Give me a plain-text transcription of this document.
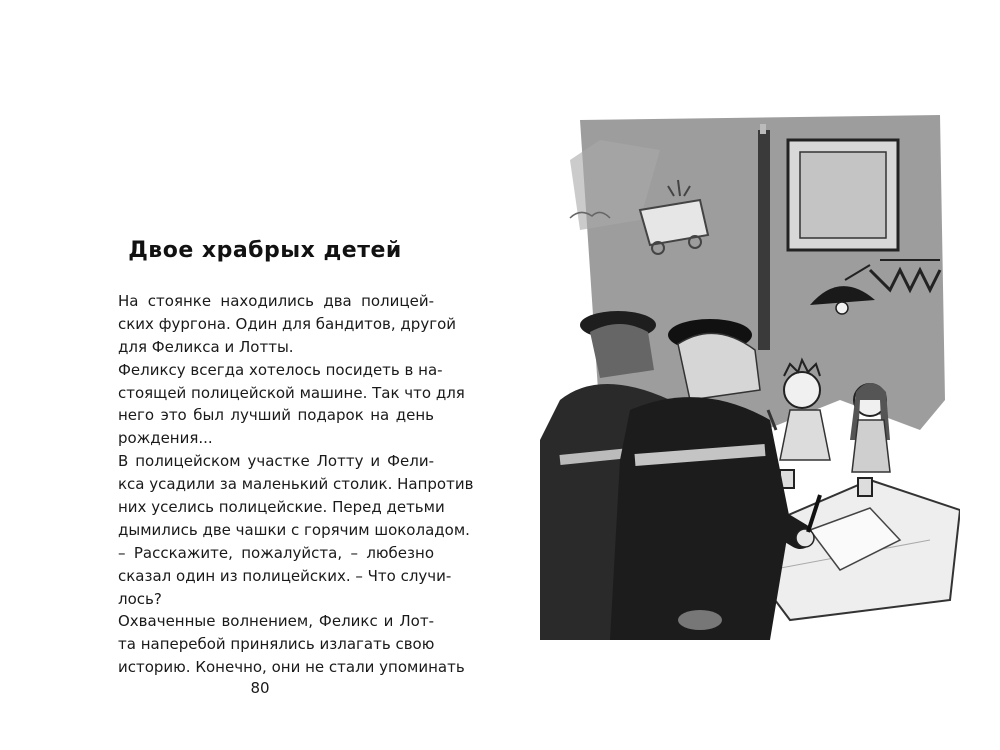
Двое храбрых детей
На стоянке находились два полицей-
ских фургона. Один для бандитов, другой
для Феликса и Лотты.
Феликсу всегда хотелось посидеть в на-
стоящей полицейской машине. Так что для
него это был лучший подарок на день
рождения...
В полицейском участке Лотту и Фели-
кса усадили за маленький столик. Напротив
них уселись полицейские. Перед детьми
дымились две чашки с горячим шоколадом.
– Расскажите, пожалуйста, – любезно
сказал один из полицейских. – Что случи-
лось?
Охваченные волнением, Феликс и Лот-
та наперебой принялись излагать свою
историю. Конечно, они не стали упоминать
80
